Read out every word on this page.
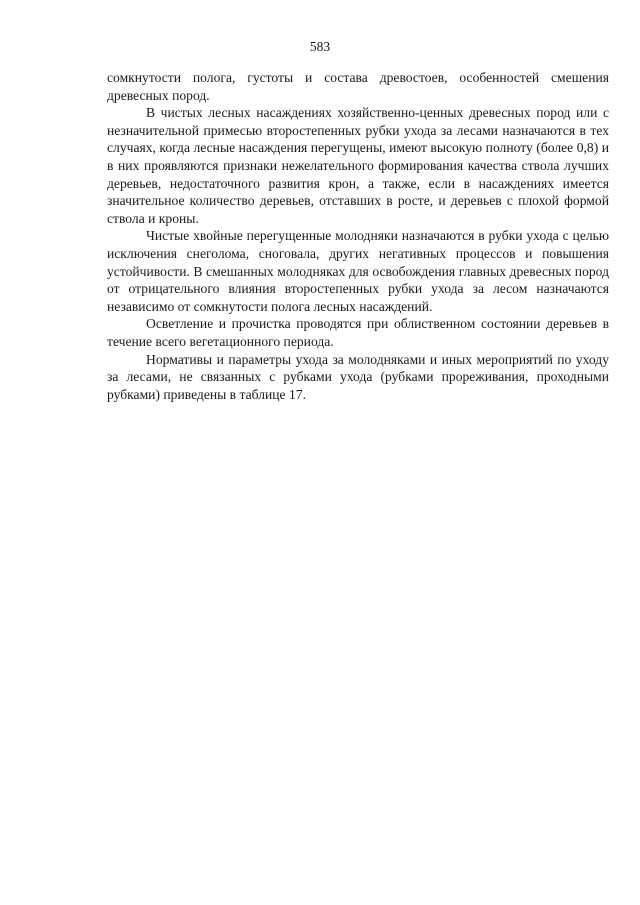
583

сомкнутости полога, густоты и состава древостоев, особенностей смешения древесных пород.

В чистых лесных насаждениях хозяйственно-ценных древесных пород или с незначительной примесью второстепенных рубки ухода за лесами назначаются в тех случаях, когда лесные насаждения перегущены, имеют высокую полноту (более 0,8) и в них проявляются признаки нежелательного формирования качества ствола лучших деревьев, недостаточного развития крон, а также, если в насаждениях имеется значительное количество деревьев, отставших в росте, и деревьев с плохой формой ствола и кроны.

Чистые хвойные перегущенные молодняки назначаются в рубки ухода с целью исключения снеголома, сноговала, других негативных процессов и повышения устойчивости. В смешанных молодняках для освобождения главных древесных пород от отрицательного влияния второстепенных рубки ухода за лесом назначаются независимо от сомкнутости полога лесных насаждений.

Осветление и прочистка проводятся при облиственном состоянии деревьев в течение всего вегетационного периода.

Нормативы и параметры ухода за молодняками и иных мероприятий по уходу за лесами, не связанных с рубками ухода (рубками прореживания, проходными рубками) приведены в таблице 17.
